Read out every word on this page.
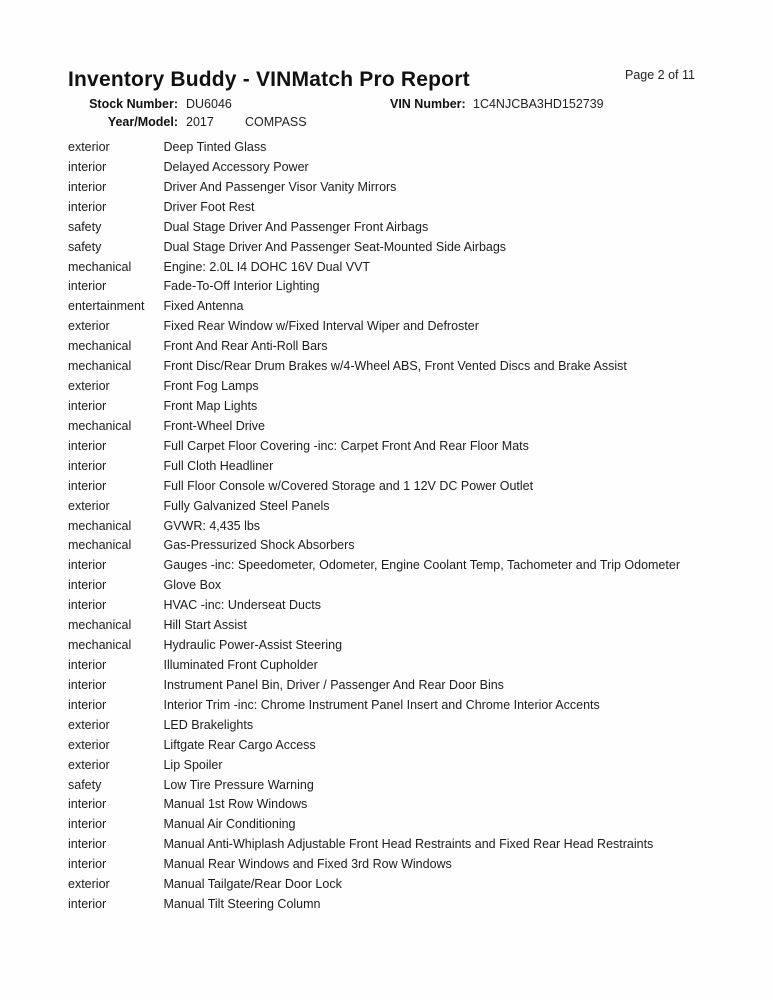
Inventory Buddy - VINMatch Pro Report	Page 2 of 11
Stock Number: DU6046	VIN Number: 1C4NJCBA3HD152739
Year/Model: 2017 COMPASS
exterior	Deep Tinted Glass
interior	Delayed Accessory Power
interior	Driver And Passenger Visor Vanity Mirrors
interior	Driver Foot Rest
safety	Dual Stage Driver And Passenger Front Airbags
safety	Dual Stage Driver And Passenger Seat-Mounted Side Airbags
mechanical	Engine: 2.0L I4 DOHC 16V Dual VVT
interior	Fade-To-Off Interior Lighting
entertainment Fixed Antenna
exterior	Fixed Rear Window w/Fixed Interval Wiper and Defroster
mechanical	Front And Rear Anti-Roll Bars
mechanical	Front Disc/Rear Drum Brakes w/4-Wheel ABS, Front Vented Discs and Brake Assist
exterior	Front Fog Lamps
interior	Front Map Lights
mechanical	Front-Wheel Drive
interior	Full Carpet Floor Covering -inc: Carpet Front And Rear Floor Mats
interior	Full Cloth Headliner
interior	Full Floor Console w/Covered Storage and 1 12V DC Power Outlet
exterior	Fully Galvanized Steel Panels
mechanical	GVWR: 4,435 lbs
mechanical	Gas-Pressurized Shock Absorbers
interior	Gauges -inc: Speedometer, Odometer, Engine Coolant Temp, Tachometer and Trip Odometer
interior	Glove Box
interior	HVAC -inc: Underseat Ducts
mechanical	Hill Start Assist
mechanical	Hydraulic Power-Assist Steering
interior	Illuminated Front Cupholder
interior	Instrument Panel Bin, Driver / Passenger And Rear Door Bins
interior	Interior Trim -inc: Chrome Instrument Panel Insert and Chrome Interior Accents
exterior	LED Brakelights
exterior	Liftgate Rear Cargo Access
exterior	Lip Spoiler
safety	Low Tire Pressure Warning
interior	Manual 1st Row Windows
interior	Manual Air Conditioning
interior	Manual Anti-Whiplash Adjustable Front Head Restraints and Fixed Rear Head Restraints
interior	Manual Rear Windows and Fixed 3rd Row Windows
exterior	Manual Tailgate/Rear Door Lock
interior	Manual Tilt Steering Column
